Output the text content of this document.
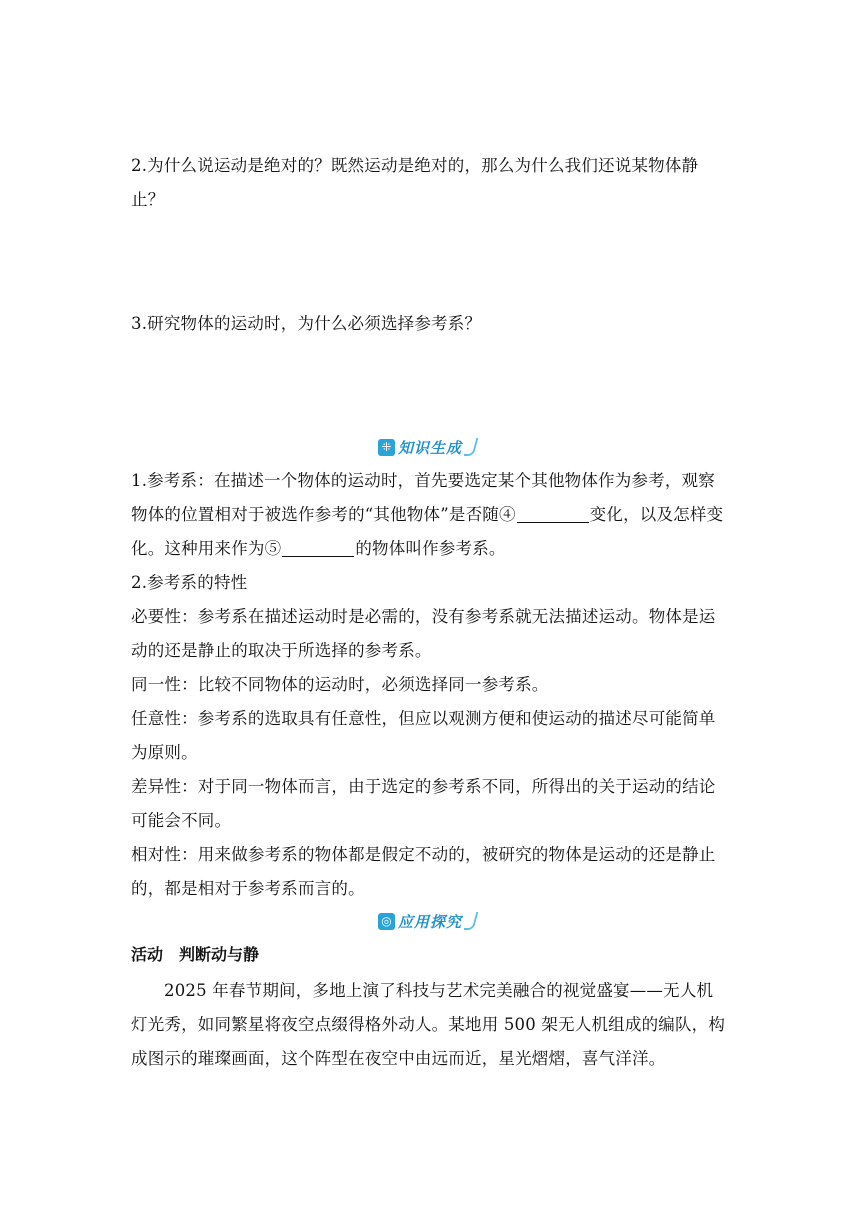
2.为什么说运动是绝对的？既然运动是绝对的，那么为什么我们还说某物体静
止？

3.研究物体的运动时，为什么必须选择参考系？

⁜ 知识生成
1.参考系：在描述一个物体的运动时，首先要选定某个其他物体作为参考，观察
物体的位置相对于被选作参考的“其他物体”是否随④	变化，以及怎样变
化。这种用来作为⑤	的物体叫作参考系。
2.参考系的特性
必要性：参考系在描述运动时是必需的，没有参考系就无法描述运动。物体是运
动的还是静止的取决于所选择的参考系。
同一性：比较不同物体的运动时，必须选择同一参考系。
任意性：参考系的选取具有任意性，但应以观测方便和使运动的描述尽可能简单
为原则。
差异性：对于同一物体而言，由于选定的参考系不同，所得出的关于运动的结论
可能会不同。
相对性：用来做参考系的物体都是假定不动的，被研究的物体是运动的还是静止
的，都是相对于参考系而言的。
◎ 应用探究
活动　判断动与静
2025 年春节期间，多地上演了科技与艺术完美融合的视觉盛宴——无人机
灯光秀，如同繁星将夜空点缀得格外动人。某地用 500 架无人机组成的编队，构
成图示的璀璨画面，这个阵型在夜空中由远而近，星光熠熠，喜气洋洋。
